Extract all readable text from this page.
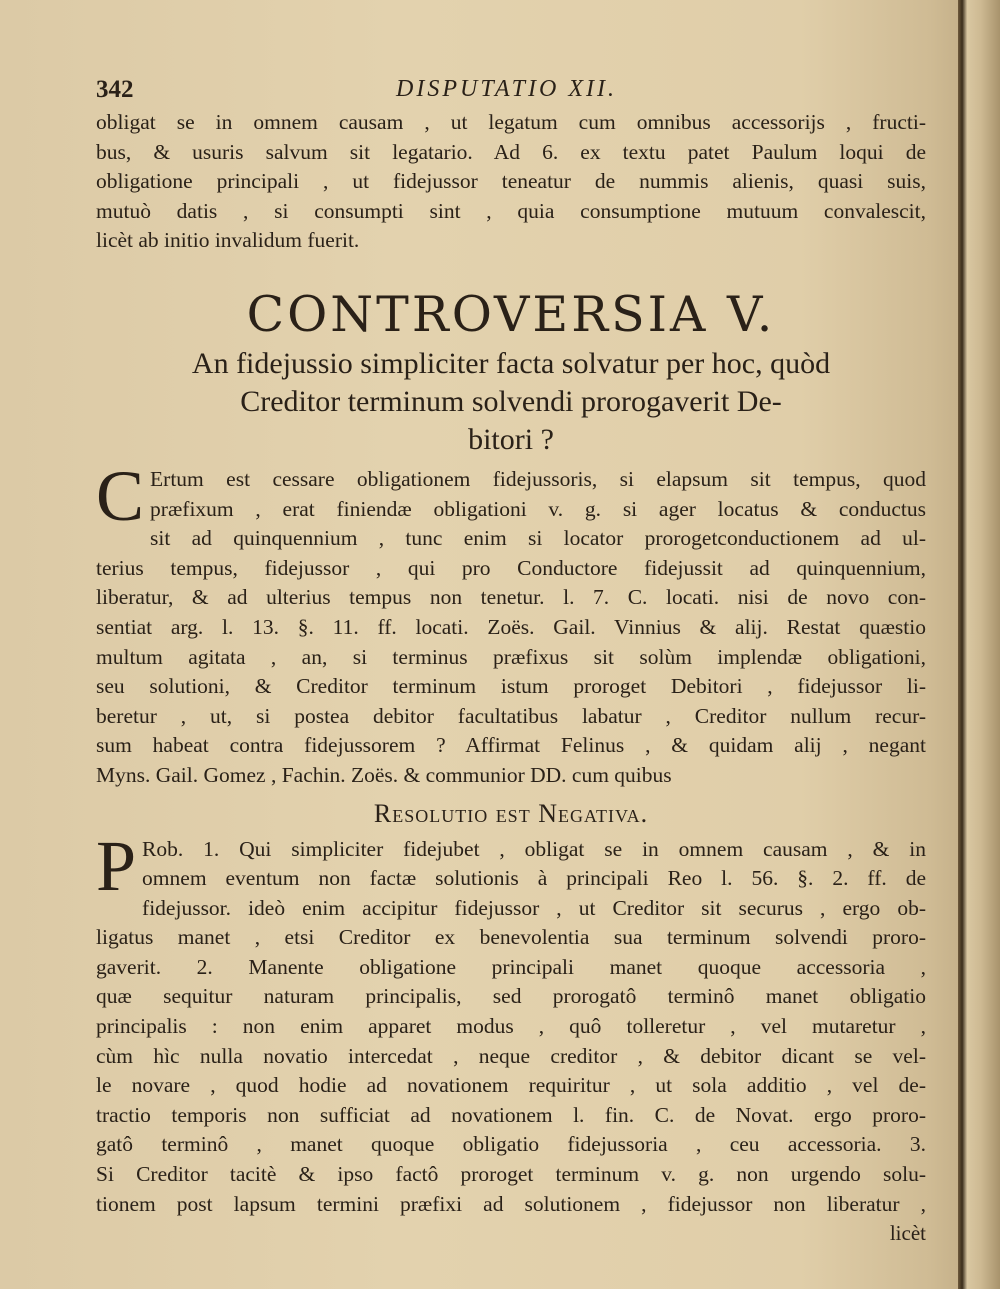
342	DISPUTATIO XII.

obligat se in omnem causam , ut legatum cum omnibus accessorijs , fructi-
bus, & usuris salvum sit legatario. Ad 6. ex textu patet Paulum loqui de
obligatione principali , ut fidejussor teneatur de nummis alienis, quasi suis,
mutuò datis , si consumpti sint , quia consumptione mutuum convalescit,
licèt ab initio invalidum fuerit.

CONTROVERSIA V.
An fidejussio simpliciter facta solvatur per hoc, quòd
Creditor terminum solvendi prorogaverit De-
bitori ?
C Ertum est cessare obligationem fidejussoris, si elapsum sit tempus, quod
præfixum , erat finiendæ obligationi v. g. si ager locatus & conductus
sit ad quinquennium , tunc enim si locator prorogetconductionem ad ul-
terius tempus, fidejussor , qui pro Conductore fidejussit ad quinquennium,
liberatur, & ad ulterius tempus non tenetur. l. 7. C. locati. nisi de novo con-
sentiat arg. l. 13. §. 11. ff. locati. Zoës. Gail. Vinnius & alij. Restat quæstio
multum agitata , an, si terminus præfixus sit solùm implendæ obligationi,
seu solutioni, & Creditor terminum istum proroget Debitori , fidejussor li-
beretur , ut, si postea debitor facultatibus labatur , Creditor nullum recur-
sum habeat contra fidejussorem ? Affirmat Felinus , & quidam alij , negant
Myns. Gail. Gomez , Fachin. Zoës. & communior DD. cum quibus

Resolutio est Negativa.
P Rob. 1. Qui simpliciter fidejubet , obligat se in omnem causam , & in
omnem eventum non factæ solutionis à principali Reo l. 56. §. 2. ff. de
fidejussor. ideò enim accipitur fidejussor , ut Creditor sit securus , ergo ob-
ligatus manet , etsi Creditor ex benevolentia sua terminum solvendi proro-
gaverit. 2. Manente obligatione principali manet quoque accessoria ,
quæ sequitur naturam principalis, sed prorogatô terminô manet obligatio
principalis : non enim apparet modus , quô tolleretur , vel mutaretur ,
cùm hìc nulla novatio intercedat , neque creditor , & debitor dicant se vel-
le novare , quod hodie ad novationem requiritur , ut sola additio , vel de-
tractio temporis non sufficiat ad novationem l. fin. C. de Novat. ergo proro-
gatô terminô , manet quoque obligatio fidejussoria , ceu accessoria. 3.
Si Creditor tacitè & ipso factô proroget terminum v. g. non urgendo solu-
tionem post lapsum termini præfixi ad solutionem , fidejussor non liberatur ,

licèt
